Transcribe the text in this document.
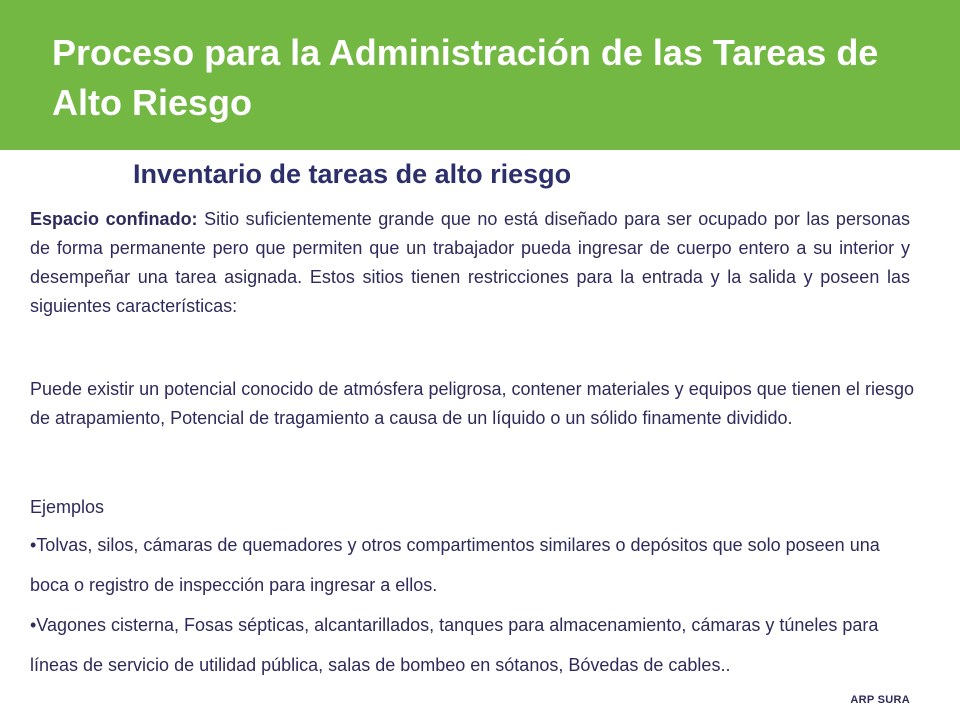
Proceso para la Administración de las Tareas de Alto Riesgo
Inventario de tareas de alto riesgo

Espacio confinado: Sitio suficientemente grande que no está diseñado para ser ocupado por las personas de forma permanente pero que permiten que un trabajador pueda ingresar de cuerpo entero a su interior y desempeñar una tarea asignada. Estos sitios tienen restricciones para la entrada y la salida y poseen las siguientes características:

Puede existir un potencial conocido de atmósfera peligrosa, contener materiales y equipos que tienen el riesgo de atrapamiento, Potencial de tragamiento a causa de un líquido o un sólido finamente dividido.

Ejemplos

•Tolvas, silos, cámaras de quemadores y otros compartimentos similares o depósitos que solo poseen una boca o registro de inspección para ingresar a ellos.
•Vagones cisterna, Fosas sépticas, alcantarillados, tanques para almacenamiento, cámaras y túneles para líneas de servicio de utilidad pública, salas de bombeo en sótanos, Bóvedas de cables..
ARP SURA
